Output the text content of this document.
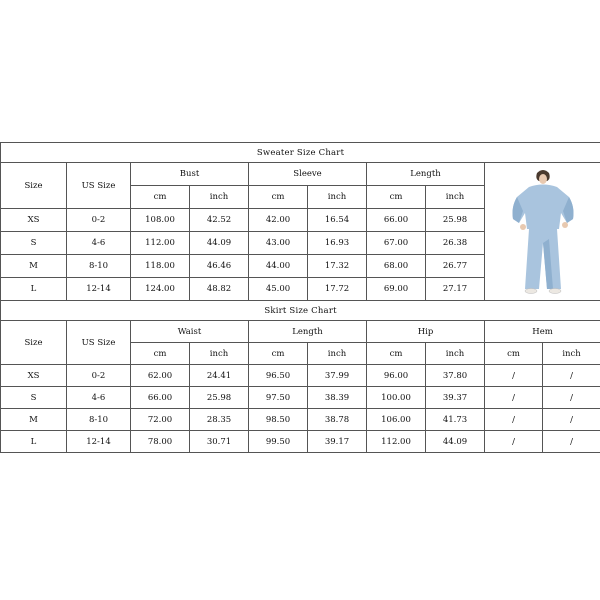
Sweater Size Chart								
Size	US Size	Bust		Sleeve		Length	

		cm	inch	cm	inch	cm	inch	
XS	0-2	108.00	42.52	42.00	16.54	66.00	25.98	
S	4-6	112.00	44.09	43.00	16.93	67.00	26.38	
M	8-10	118.00	46.46	44.00	17.32	68.00	26.77	
L	12-14	124.00	48.82	45.00	17.72	69.00	27.17	
Skirt Size Chart									
Size	US Size	Waist		Length		Hip		Hem	
		cm	inch	cm	inch	cm	inch	cm	inch
XS	0-2	62.00	24.41	96.50	37.99	96.00	37.80	/	/
S	4-6	66.00	25.98	97.50	38.39	100.00	39.37	/	/
M	8-10	72.00	28.35	98.50	38.78	106.00	41.73	/	/
L	12-14	78.00	30.71	99.50	39.17	112.00	44.09	/	/
